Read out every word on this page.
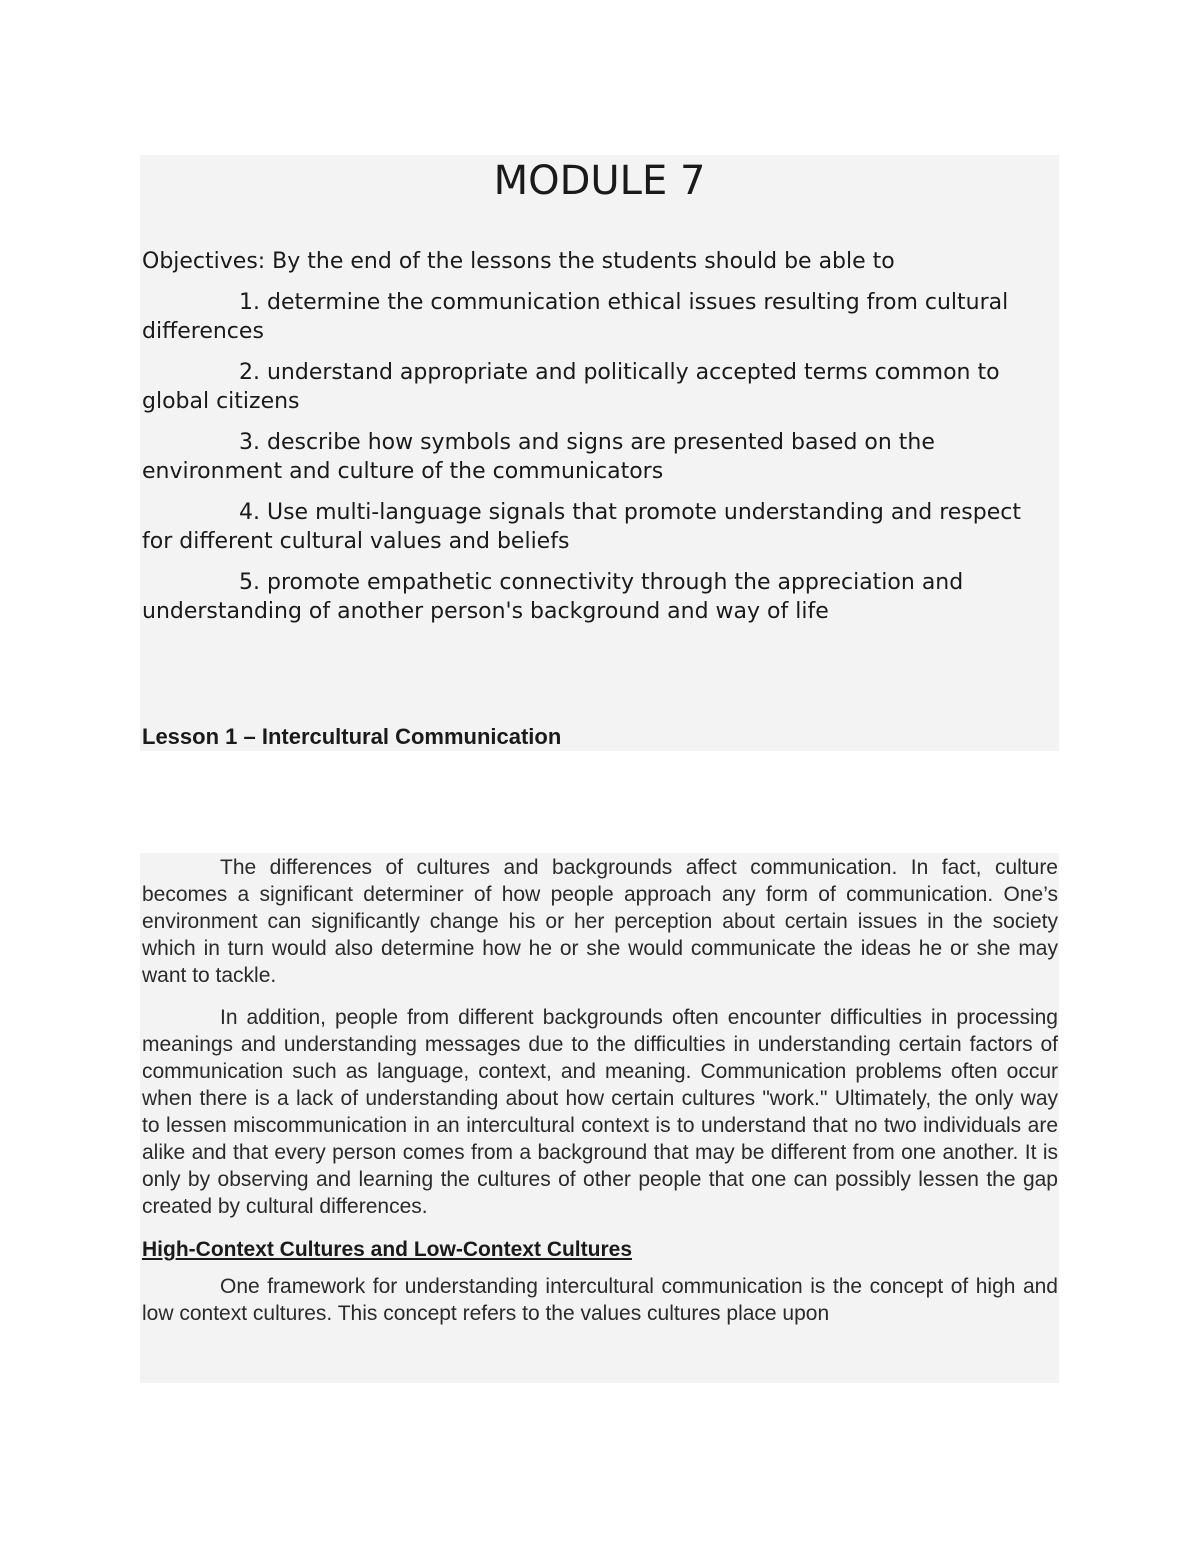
MODULE 7

Objectives: By the end of the lessons the students should be able to

1. determine the communication ethical issues resulting from cultural differences

2. understand appropriate and politically accepted terms common to global citizens

3. describe how symbols and signs are presented based on the environment and culture of the communicators

4. Use multi-language signals that promote understanding and respect for different cultural values and beliefs

5. promote empathetic connectivity through the appreciation and understanding of another person's background and way of life

Lesson 1 – Intercultural Communication

The differences of cultures and backgrounds affect communication. In fact, culture becomes a significant determiner of how people approach any form of communication. One’s environment can significantly change his or her perception about certain issues in the society which in turn would also determine how he or she would communicate the ideas he or she may want to tackle.

In addition, people from different backgrounds often encounter difficulties in processing meanings and understanding messages due to the difficulties in understanding certain factors of communication such as language, context, and meaning. Communication problems often occur when there is a lack of understanding about how certain cultures "work." Ultimately, the only way to lessen miscommunication in an intercultural context is to understand that no two individuals are alike and that every person comes from a background that may be different from one another. It is only by observing and learning the cultures of other people that one can possibly lessen the gap created by cultural differences.

High-Context Cultures and Low-Context Cultures

One framework for understanding intercultural communication is the concept of high and low context cultures. This concept refers to the values cultures place upon
